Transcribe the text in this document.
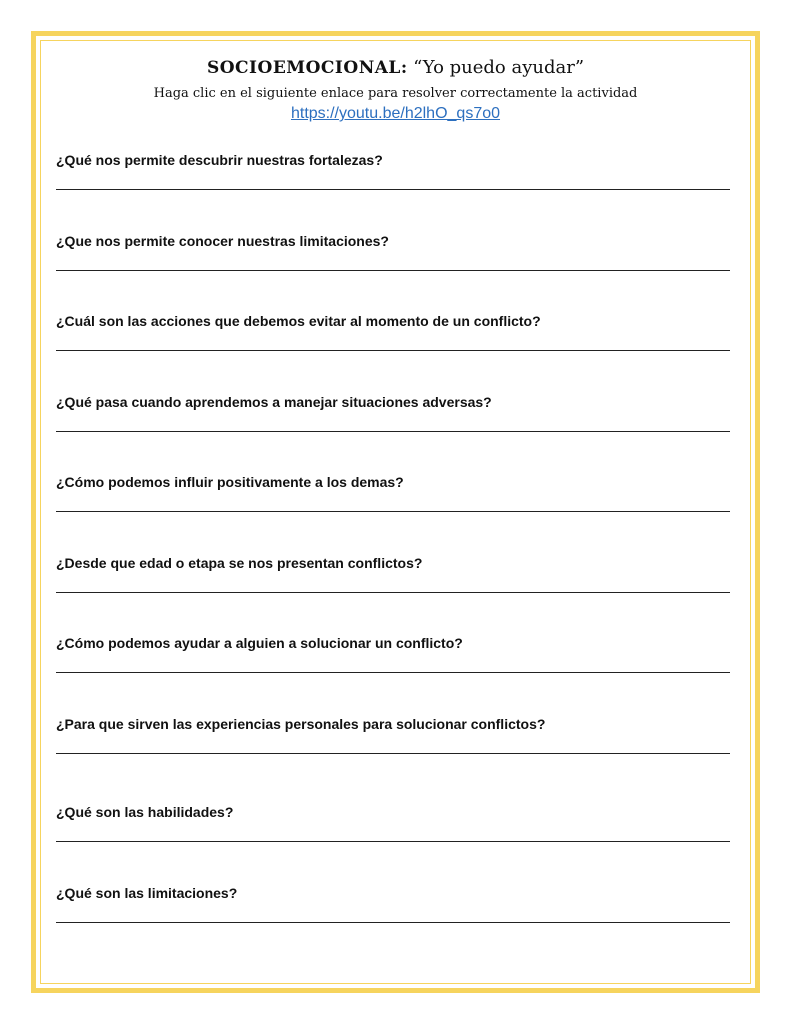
SOCIOEMOCIONAL: “Yo puedo ayudar”
Haga clic en el siguiente enlace para resolver correctamente la actividad
https://youtu.be/h2lhO_qs7o0
¿Qué nos permite descubrir nuestras fortalezas?
¿Que nos permite conocer nuestras limitaciones?
¿Cuál son las acciones que debemos evitar al momento de un conflicto?
¿Qué pasa cuando aprendemos a manejar situaciones adversas?
¿Cómo podemos influir positivamente a los demas?
¿Desde que edad o etapa se nos presentan conflictos?
¿Cómo podemos ayudar a alguien a solucionar un conflicto?
¿Para que sirven las experiencias personales para solucionar conflictos?
¿Qué son las habilidades?
¿Qué son las limitaciones?
